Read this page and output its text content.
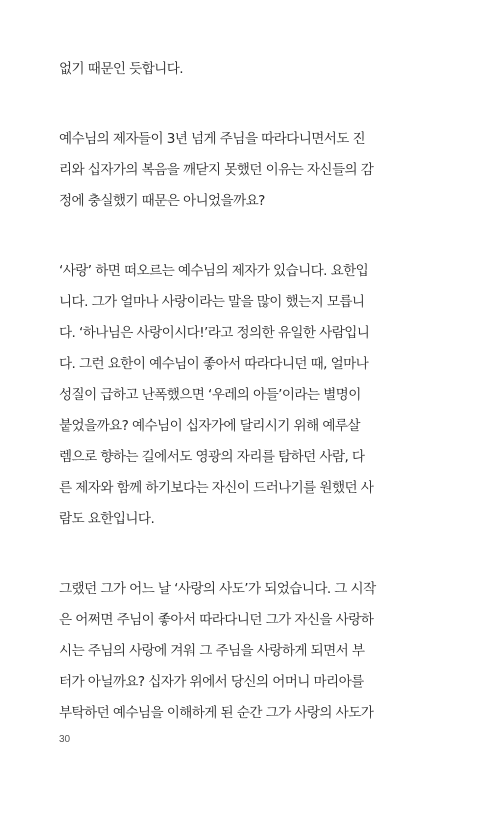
없기 때문인 듯합니다.
예수님의 제자들이 3년 넘게 주님을 따라다니면서도 진
리와 십자가의 복음을 깨닫지 못했던 이유는 자신들의 감
정에 충실했기 때문은 아니었을까요?
‘사랑’ 하면 떠오르는 예수님의 제자가 있습니다. 요한입
니다. 그가 얼마나 사랑이라는 말을 많이 했는지 모릅니
다. ‘하나님은 사랑이시다!’라고 정의한 유일한 사람입니
다. 그런 요한이 예수님이 좋아서 따라다니던 때, 얼마나
성질이 급하고 난폭했으면 ‘우레의 아들’이라는 별명이
붙었을까요? 예수님이 십자가에 달리시기 위해 예루살
렘으로 향하는 길에서도 영광의 자리를 탐하던 사람, 다
른 제자와 함께 하기보다는 자신이 드러나기를 원했던 사
람도 요한입니다.
그랬던 그가 어느 날 ‘사랑의 사도’가 되었습니다. 그 시작
은 어쩌면 주님이 좋아서 따라다니던 그가 자신을 사랑하
시는 주님의 사랑에 겨워 그 주님을 사랑하게 되면서 부
터가 아닐까요? 십자가 위에서 당신의 어머니 마리아를
부탁하던 예수님을 이해하게 된 순간 그가 사랑의 사도가
30
